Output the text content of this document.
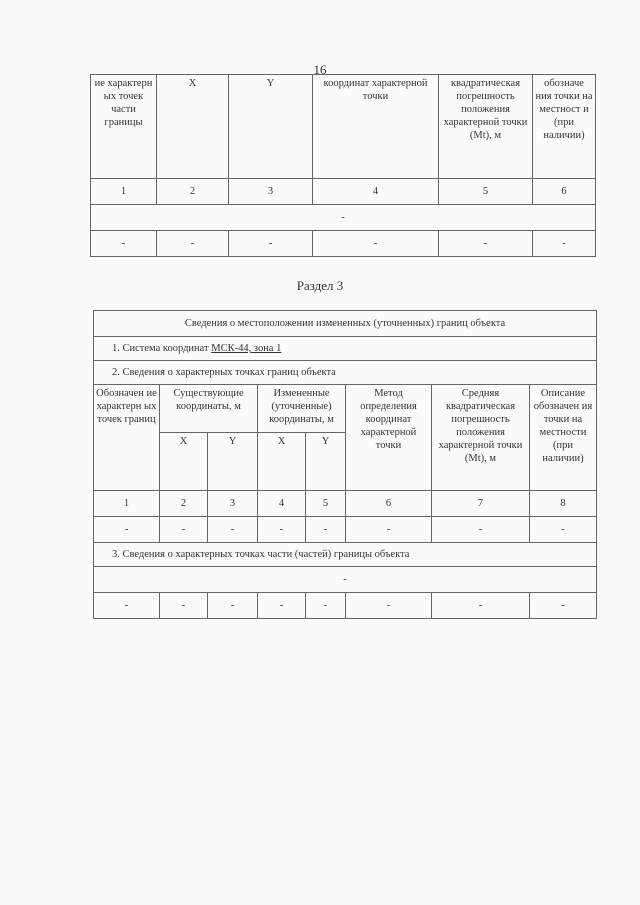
16
ие характерн ых точек части границы	X	Y	координат характерной точки	квадратическая погрешность положения характерной точки (Mt), м	обозначе ния точки на местност и (при наличии)
1	2	3	4	5	6
-					
-	-	-	-	-	-
Раздел 3
Сведения о местоположении измененных (уточненных) границ объекта							
1. Система координат МСК-44, зона 1							
2. Сведения о характерных точках границ объекта							
Обозначен ие характерн ых точек границ	Существующие координаты, м		Измененные (уточненные) координаты, м		Метод определения координат характерной точки	Средняя квадратическая погрешность положения характерной точки (Mt), м	Описание обозначен ия точки на местности (при наличии)
	X	Y	X	Y			
1	2	3	4	5	6	7	8
-	-	-	-	-	-	-	-
3. Сведения о характерных точках части (частей) границы объекта							
-							
-	-	-	-	-	-	-	-
